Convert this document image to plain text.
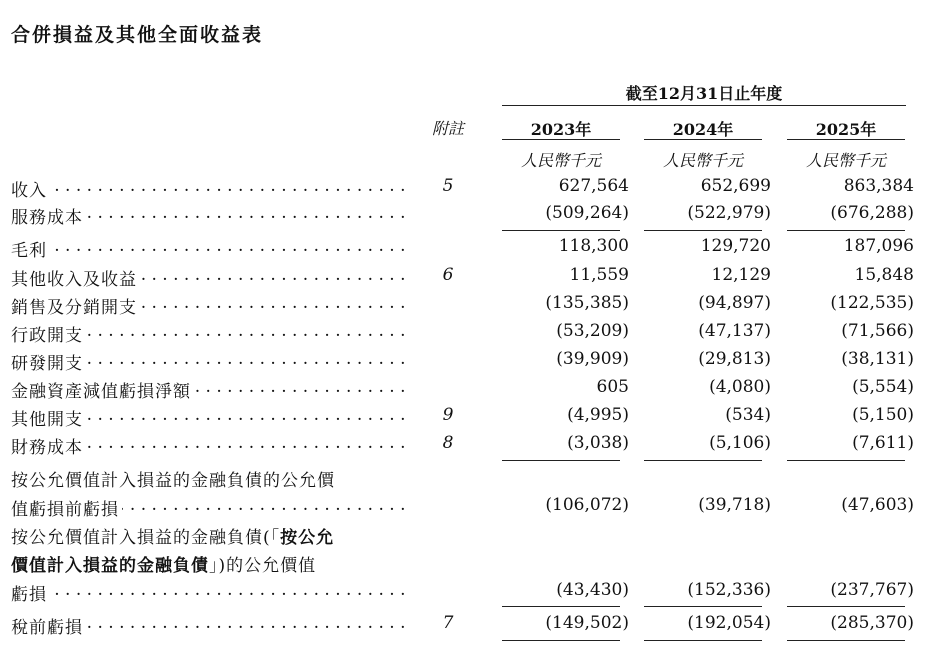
合併損益及其他全面收益表
截至12月31日止年度
附註	2023年	2024年	2025年
人民幣千元	人民幣千元	人民幣千元
收入 . . .	5	627,564	652,699	863,384
服務成本 . . .	(509,264)	(522,979)	(676,288)
毛利 . . .	118,300	129,720	187,096
其他收入及收益 . . .	6	11,559	12,129	15,848
銷售及分銷開支 . . .	(135,385)	(94,897)	(122,535)
行政開支 . . .	(53,209)	(47,137)	(71,566)
研發開支 . . .	(39,909)	(29,813)	(38,131)
金融資產減值虧損淨額 . . .	605	(4,080)	(5,554)
其他開支 . . .	9	(4,995)	(534)	(5,150)
財務成本 . . .	8	(3,038)	(5,106)	(7,611)
按公允價值計入損益的金融負債的公允價
值虧損前虧損 . . .	(106,072)	(39,718)	(47,603)
按公允價值計入損益的金融負債(「按公允
價值計入損益的金融負債」)的公允價值
虧損 . . .	(43,430)	(152,336)	(237,767)
稅前虧損 . . .	7	(149,502)	(192,054)	(285,370)
